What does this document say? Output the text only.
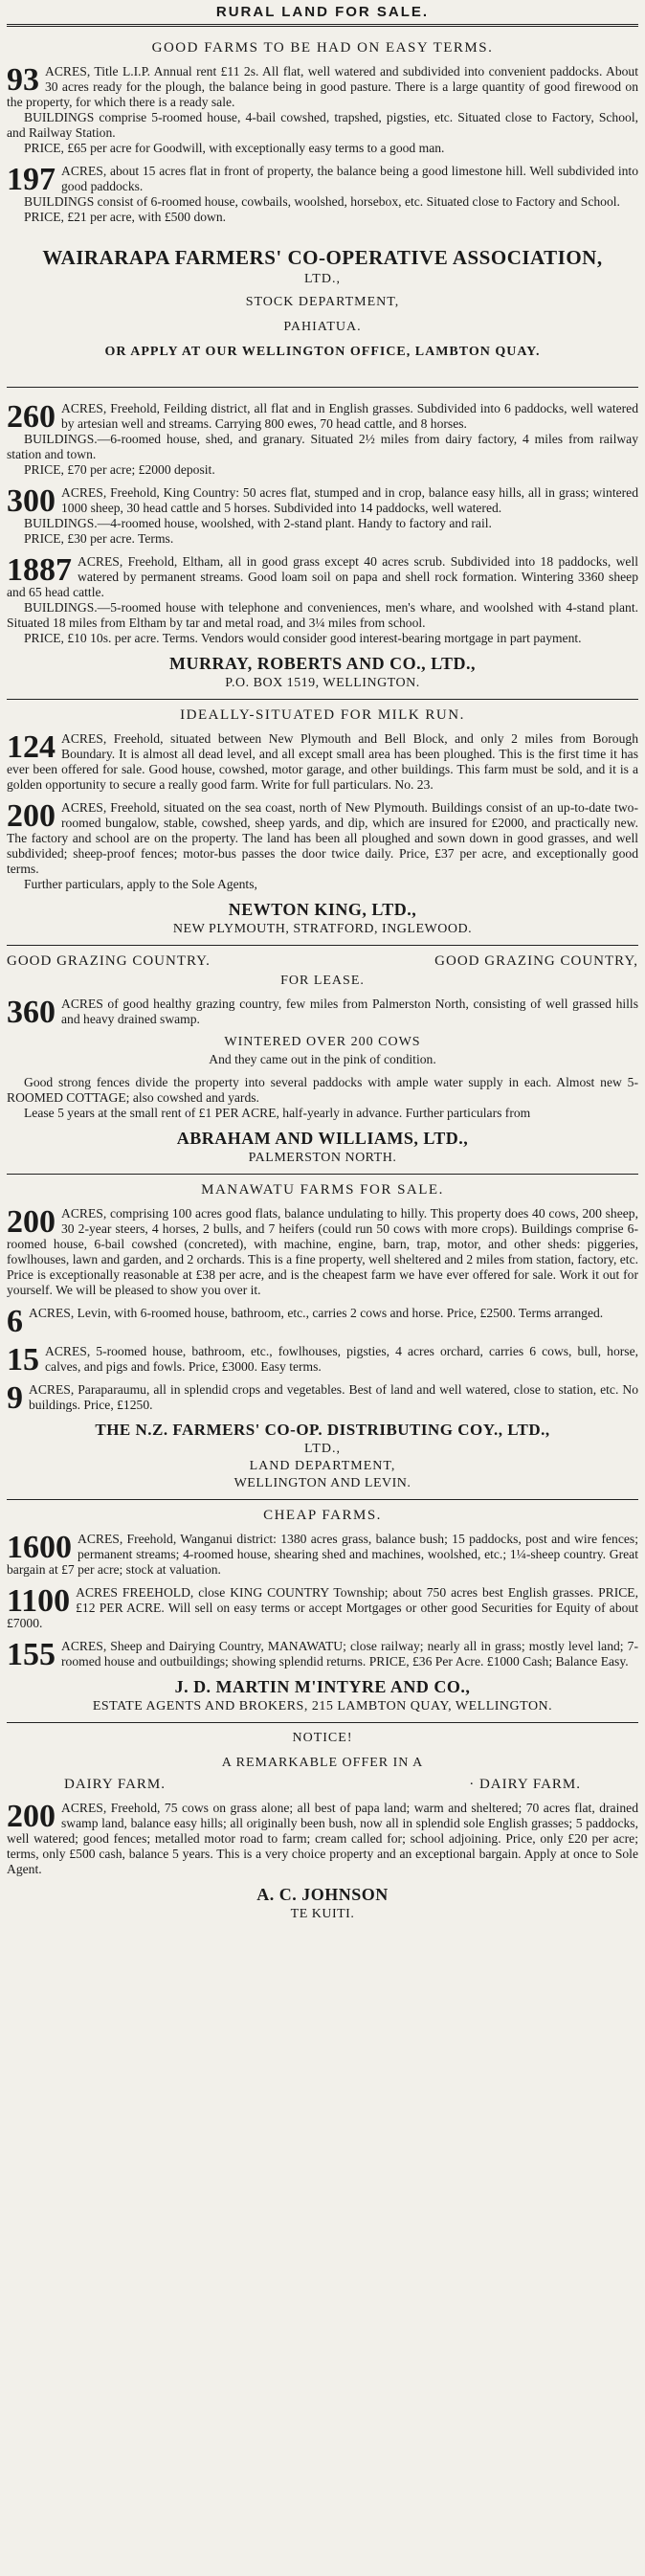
RURAL LAND FOR SALE.
GOOD FARMS TO BE HAD ON EASY TERMS.
93 ACRES, Title L.I.P. Annual rent £11 2s. All flat, well watered and subdivided into convenient paddocks. About 30 acres ready for the plough, the balance being in good pasture. There is a large quantity of good firewood on the property, for which there is a ready sale.
BUILDINGS comprise 5-roomed house, 4-bail cowshed, trapshed, pigsties, etc. Situated close to Factory, School, and Railway Station.
PRICE, £65 per acre for Goodwill, with exceptionally easy terms to a good man.
197 ACRES, about 15 acres flat in front of property, the balance being a good limestone hill. Well subdivided into good paddocks.
BUILDINGS consist of 6-roomed house, cowbails, woolshed, horsebox, etc. Situated close to Factory and School.
PRICE, £21 per acre, with £500 down.
WAIRARAPA FARMERS' CO-OPERATIVE ASSOCIATION,
LTD.,
STOCK DEPARTMENT,
PAHIATUA.
OR APPLY AT OUR WELLINGTON OFFICE, LAMBTON QUAY.
260 ACRES, Freehold, Feilding district, all flat and in English grasses. Subdivided into 6 paddocks, well watered by artesian well and streams. Carrying 800 ewes, 70 head cattle, and 8 horses.
BUILDINGS.—6-roomed house, shed, and granary. Situated 2½ miles from dairy factory, 4 miles from railway station and town.
PRICE, £70 per acre; £2000 deposit.
300 ACRES, Freehold, King Country: 50 acres flat, stumped and in crop, balance easy hills, all in grass; wintered 1000 sheep, 30 head cattle and 5 horses. Subdivided into 14 paddocks, well watered.
BUILDINGS.—4-roomed house, woolshed, with 2-stand plant. Handy to factory and rail.
PRICE, £30 per acre. Terms.
1887 ACRES, Freehold, Eltham, all in good grass except 40 acres scrub. Subdivided into 18 paddocks, well watered by permanent streams. Good loam soil on papa and shell rock formation. Wintering 3360 sheep and 65 head cattle.
BUILDINGS.—5-roomed house with telephone and conveniences, men's whare, and woolshed with 4-stand plant. Situated 18 miles from Eltham by tar and metal road, and 3¼ miles from school.
PRICE, £10 10s. per acre. Terms. Vendors would consider good interest-bearing mortgage in part payment.
MURRAY, ROBERTS AND CO., LTD.,
P.O. BOX 1519, WELLINGTON.
IDEALLY-SITUATED FOR MILK RUN.
124 ACRES, Freehold, situated between New Plymouth and Bell Block, and only 2 miles from Borough Boundary. It is almost all dead level, and all except small area has been ploughed. This is the first time it has ever been offered for sale. Good house, cowshed, motor garage, and other buildings. This farm must be sold, and it is a golden opportunity to secure a really good farm. Write for full particulars. No. 23.
200 ACRES, Freehold, situated on the sea coast, north of New Plymouth. Buildings consist of an up-to-date two-roomed bungalow, stable, cowshed, sheep yards, and dip, which are insured for £2000, and practically new. The factory and school are on the property. The land has been all ploughed and sown down in good grasses, and well subdivided; sheep-proof fences; motor-bus passes the door twice daily. Price, £37 per acre, and exceptionally good terms.
Further particulars, apply to the Sole Agents,
NEWTON KING, LTD.,
NEW PLYMOUTH, STRATFORD, INGLEWOOD.
GOOD GRAZING COUNTRY.	GOOD GRAZING COUNTRY,
FOR LEASE.
360 ACRES of good healthy grazing country, few miles from Palmerston North, consisting of well grassed hills and heavy drained swamp.
WINTERED OVER 200 COWS
And they came out in the pink of condition.
Good strong fences divide the property into several paddocks with ample water supply in each. Almost new 5-ROOMED COTTAGE; also cowshed and yards.
Lease 5 years at the small rent of £1 PER ACRE, half-yearly in advance. Further particulars from
ABRAHAM AND WILLIAMS, LTD.,
PALMERSTON NORTH.
MANAWATU FARMS FOR SALE.
200 ACRES, comprising 100 acres good flats, balance undulating to hilly. This property does 40 cows, 200 sheep, 30 2-year steers, 4 horses, 2 bulls, and 7 heifers (could run 50 cows with more crops). Buildings comprise 6-roomed house, 6-bail cowshed (concreted), with machine, engine, barn, trap, motor, and other sheds: piggeries, fowlhouses, lawn and garden, and 2 orchards. This is a fine property, well sheltered and 2 miles from station, factory, etc. Price is exceptionally reasonable at £38 per acre, and is the cheapest farm we have ever offered for sale. Work it out for yourself. We will be pleased to show you over it.
6 ACRES, Levin, with 6-roomed house, bathroom, etc., carries 2 cows and horse. Price, £2500. Terms arranged.
15 ACRES, 5-roomed house, bathroom, etc., fowlhouses, pigsties, 4 acres orchard, carries 6 cows, bull, horse, calves, and pigs and fowls. Price, £3000. Easy terms.
9 ACRES, Paraparaumu, all in splendid crops and vegetables. Best of land and well watered, close to station, etc. No buildings. Price, £1250.
THE N.Z. FARMERS' CO-OP. DISTRIBUTING COY., LTD.,
LTD.,
LAND DEPARTMENT,
WELLINGTON AND LEVIN.
CHEAP FARMS.
1600 ACRES, Freehold, Wanganui district: 1380 acres grass, balance bush; 15 paddocks, post and wire fences; permanent streams; 4-roomed house, shearing shed and machines, woolshed, etc.; 1¼-sheep country. Great bargain at £7 per acre; stock at valuation.
1100 ACRES FREEHOLD, close KING COUNTRY Township; about 750 acres best English grasses. PRICE, £12 PER ACRE. Will sell on easy terms or accept Mortgages or other good Securities for Equity of about £7000.
155 ACRES, Sheep and Dairying Country, MANAWATU; close railway; nearly all in grass; mostly level land; 7-roomed house and outbuildings; showing splendid returns. PRICE, £36 Per Acre. £1000 Cash; Balance Easy.
J. D. MARTIN M'INTYRE AND CO.,
ESTATE AGENTS AND BROKERS, 215 LAMBTON QUAY, WELLINGTON.
NOTICE!
A REMARKABLE OFFER IN A
DAIRY FARM.	· DAIRY FARM.
200 ACRES, Freehold, 75 cows on grass alone; all best of papa land; warm and sheltered; 70 acres flat, drained swamp land, balance easy hills; all originally been bush, now all in splendid sole English grasses; 5 paddocks, well watered; good fences; metalled motor road to farm; cream called for; school adjoining. Price, only £20 per acre; terms, only £500 cash, balance 5 years. This is a very choice property and an exceptional bargain. Apply at once to Sole Agent.
A. C. JOHNSON
TE KUITI.
